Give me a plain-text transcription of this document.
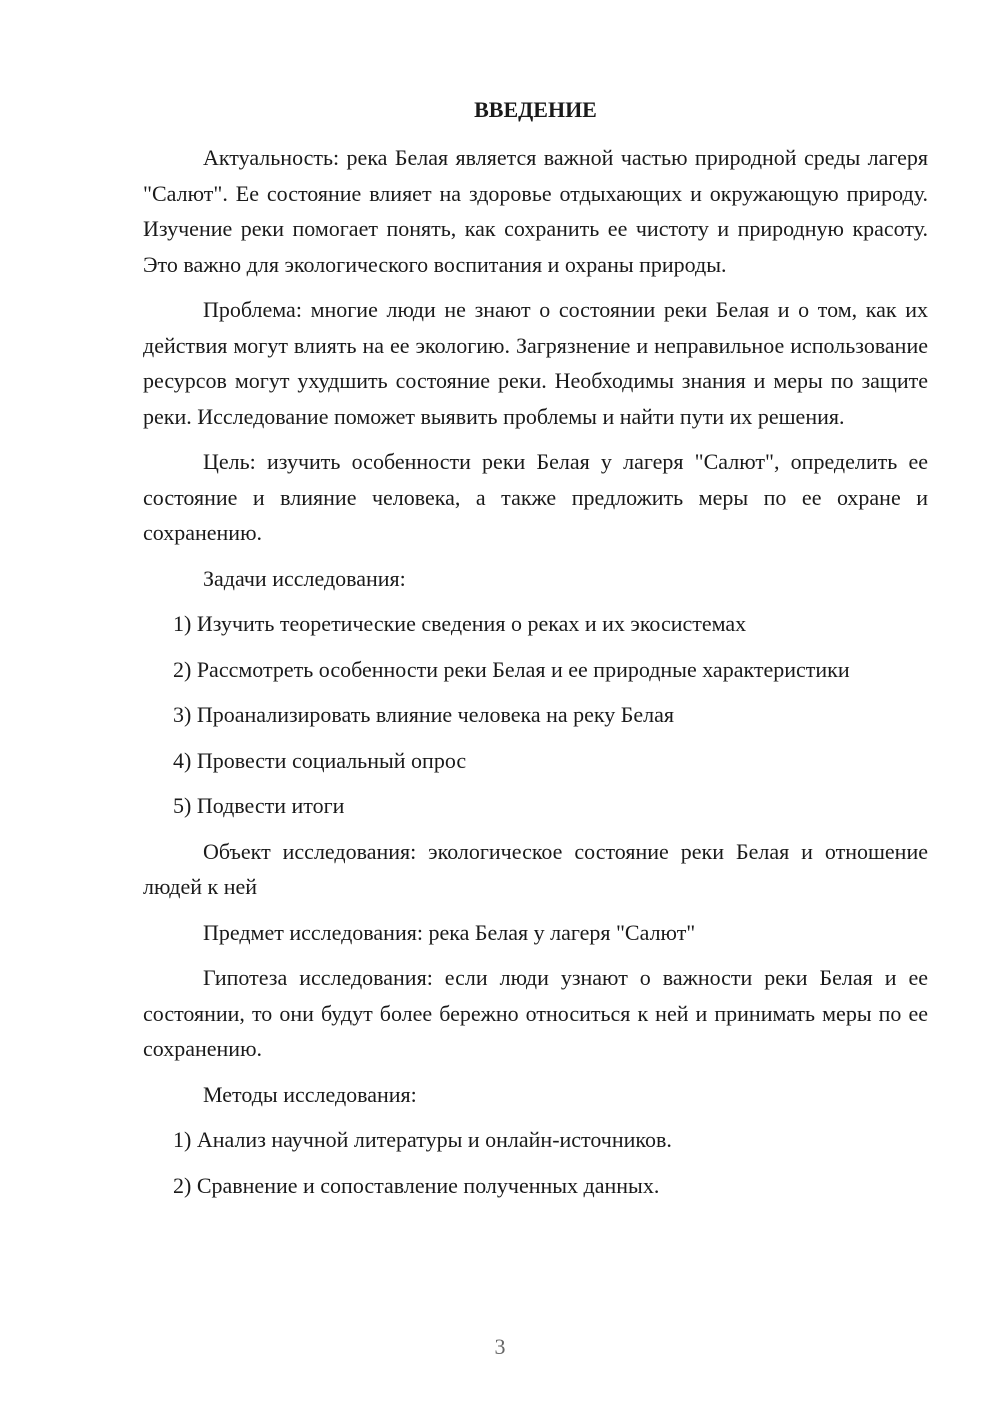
ВВЕДЕНИЕ
Актуальность: река Белая является важной частью природной среды лагеря "Салют". Ее состояние влияет на здоровье отдыхающих и окружающую природу. Изучение реки помогает понять, как сохранить ее чистоту и природную красоту. Это важно для экологического воспитания и охраны природы.
Проблема: многие люди не знают о состоянии реки Белая и о том, как их действия могут влиять на ее экологию. Загрязнение и неправильное использование ресурсов могут ухудшить состояние реки. Необходимы знания и меры по защите реки. Исследование поможет выявить проблемы и найти пути их решения.
Цель: изучить особенности реки Белая у лагеря "Салют", определить ее состояние и влияние человека, а также предложить меры по ее охране и сохранению.
Задачи исследования:
1) Изучить теоретические сведения о реках и их экосистемах
2) Рассмотреть особенности реки Белая и ее природные характеристики
3) Проанализировать влияние человека на реку Белая
4) Провести социальный опрос
5) Подвести итоги
Объект исследования: экологическое состояние реки Белая и отношение людей к ней
Предмет исследования: река Белая у лагеря "Салют"
Гипотеза исследования: если люди узнают о важности реки Белая и ее состоянии, то они будут более бережно относиться к ней и принимать меры по ее сохранению.
Методы исследования:
1) Анализ научной литературы и онлайн-источников.
2) Сравнение и сопоставление полученных данных.
3
